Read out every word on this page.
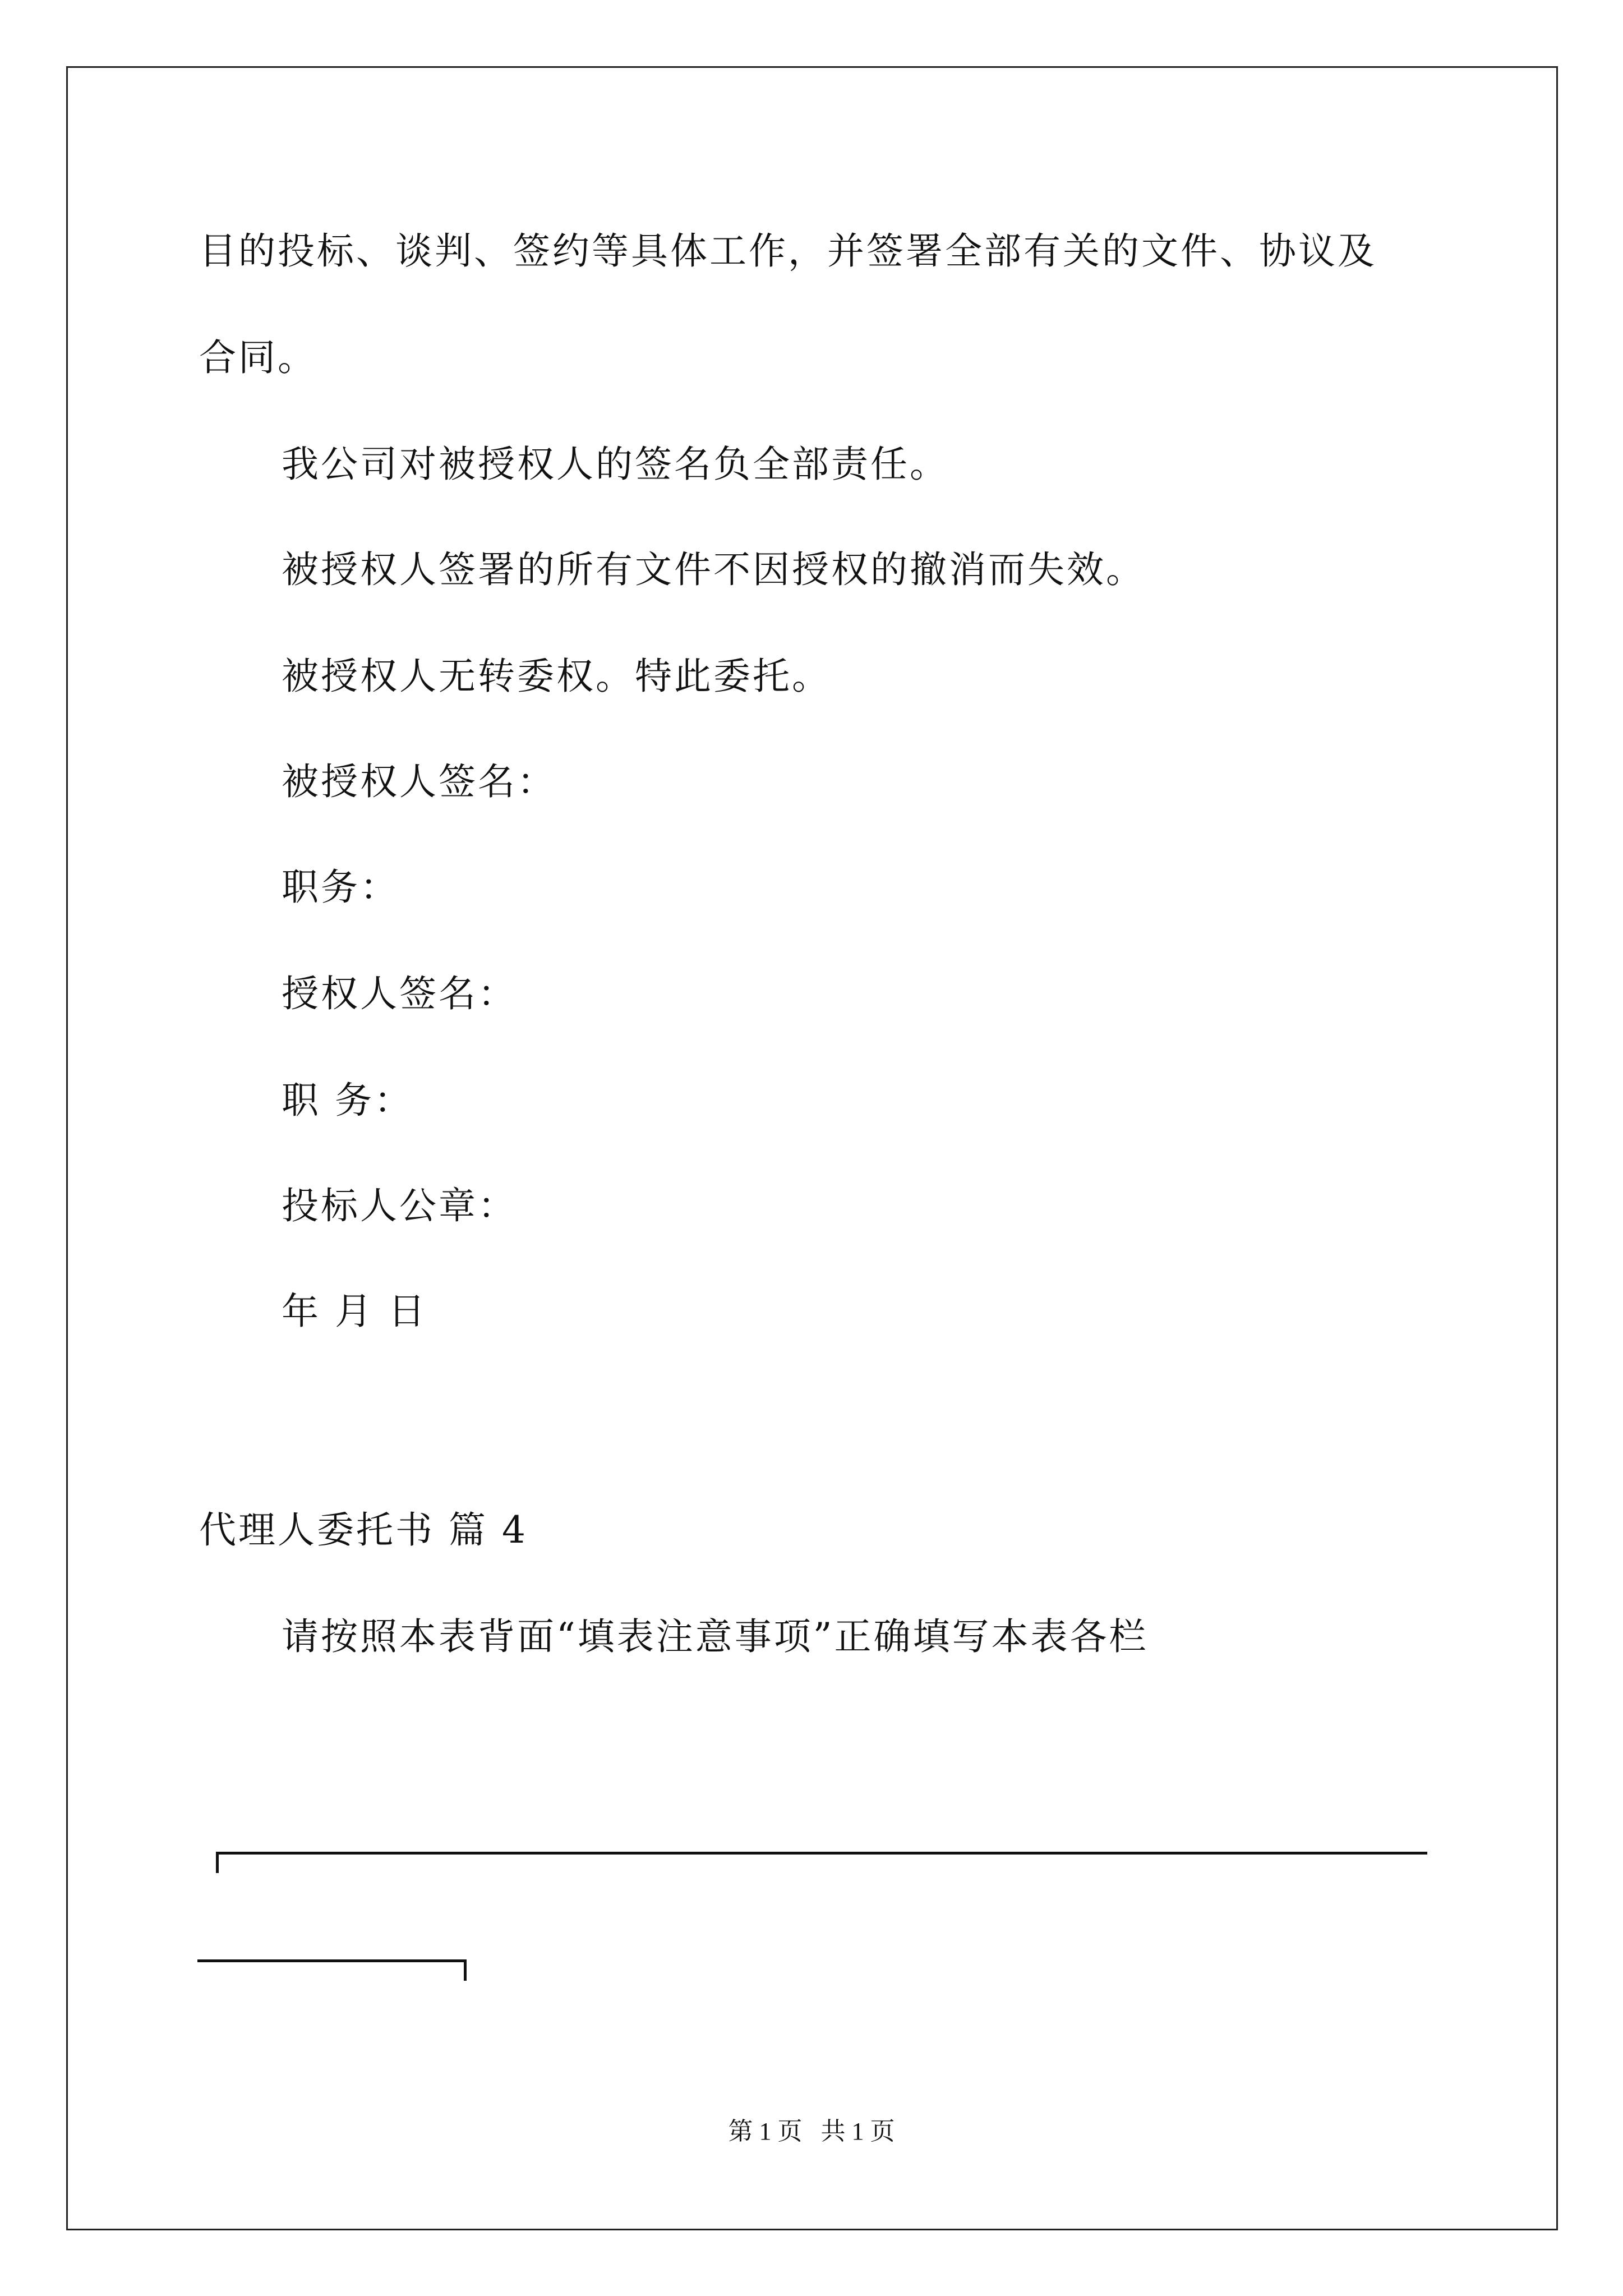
目的投标、谈判、签约等具体工作，并签署全部有关的文件、协议及
合同。
我公司对被授权人的签名负全部责任。
被授权人签署的所有文件不因授权的撤消而失效。
被授权人无转委权。特此委托。
被授权人签名：
职务：
授权人签名：
职 务：
投标人公章：
年 月 日
代理人委托书 篇 4
请按照本表背面“填表注意事项”正确填写本表各栏
第 1 页   共 1 页
